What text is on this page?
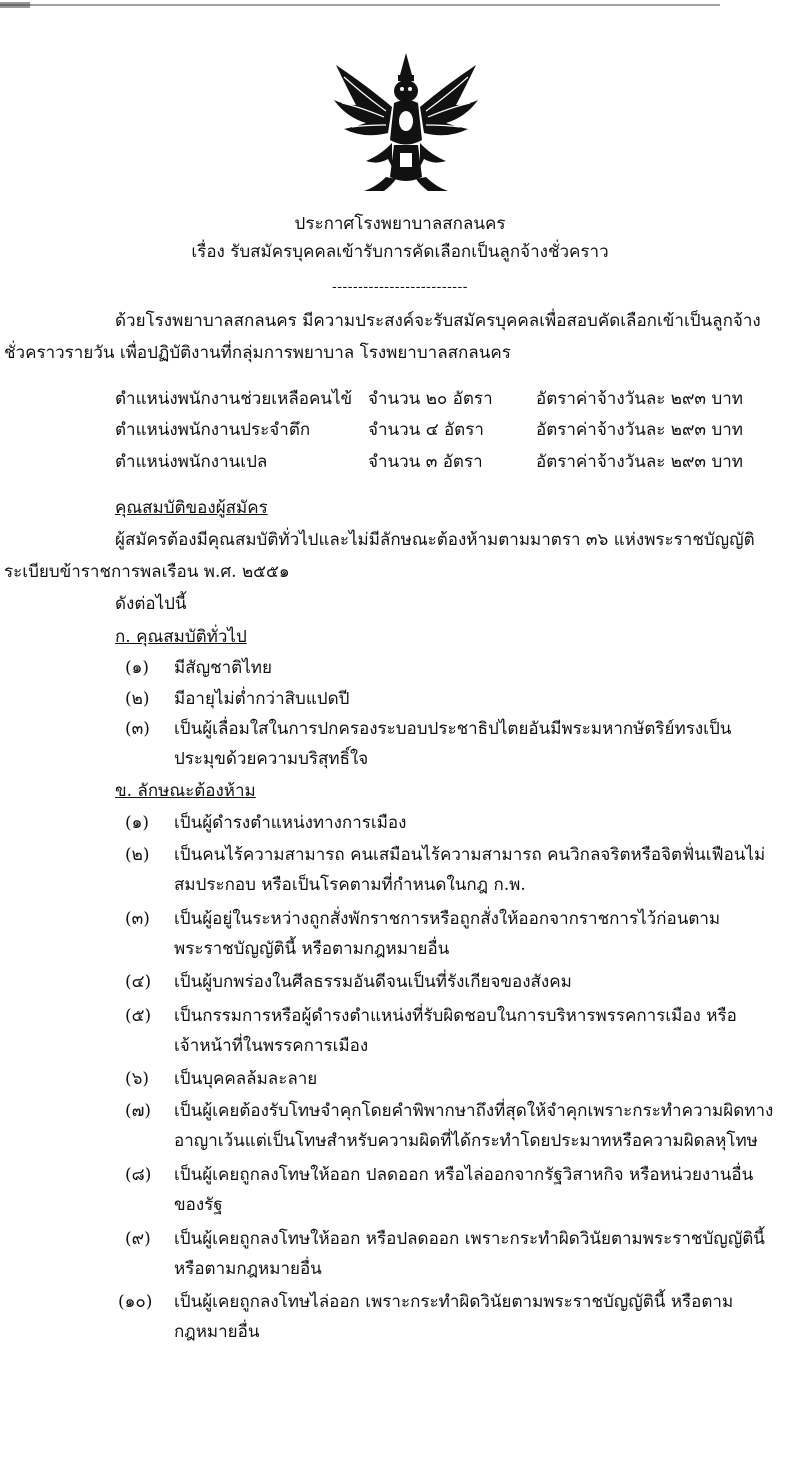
ประกาศโรงพยาบาลสกลนคร
เรื่อง รับสมัครบุคคลเข้ารับการคัดเลือกเป็นลูกจ้างชั่วคราว
--------------------------
ด้วยโรงพยาบาลสกลนคร มีความประสงค์จะรับสมัครบุคคลเพื่อสอบคัดเลือกเข้าเป็นลูกจ้าง
ชั่วคราวรายวัน เพื่อปฏิบัติงานที่กลุ่มการพยาบาล โรงพยาบาลสกลนคร
ตำแหน่งพนักงานช่วยเหลือคนไข้ จำนวน ๒๐ อัตรา	อัตราค่าจ้างวันละ ๒๙๓ บาท
ตำแหน่งพนักงานประจำตึก	จำนวน ๔ อัตรา	อัตราค่าจ้างวันละ ๒๙๓ บาท
ตำแหน่งพนักงานเปล	จำนวน ๓ อัตรา	อัตราค่าจ้างวันละ ๒๙๓ บาท
คุณสมบัติของผู้สมัคร
ผู้สมัครต้องมีคุณสมบัติทั่วไปและไม่มีลักษณะต้องห้ามตามมาตรา ๓๖ แห่งพระราชบัญญัติ
ระเบียบข้าราชการพลเรือน พ.ศ. ๒๕๕๑
ดังต่อไปนี้
ก. คุณสมบัติทั่วไป
(๑) มีสัญชาติไทย
(๒) มีอายุไม่ต่ำกว่าสิบแปดปี
(๓) เป็นผู้เลื่อมใสในการปกครองระบอบประชาธิปไตยอันมีพระมหากษัตริย์ทรงเป็น
ประมุขด้วยความบริสุทธิ์ใจ
ข. ลักษณะต้องห้าม
(๑) เป็นผู้ดำรงตำแหน่งทางการเมือง
(๒) เป็นคนไร้ความสามารถ คนเสมือนไร้ความสามารถ คนวิกลจริตหรือจิตฟั่นเฟือนไม่
สมประกอบ หรือเป็นโรคตามที่กำหนดในกฎ ก.พ.
(๓) เป็นผู้อยู่ในระหว่างถูกสั่งพักราชการหรือถูกสั่งให้ออกจากราชการไว้ก่อนตาม
พระราชบัญญัตินี้ หรือตามกฎหมายอื่น
(๔) เป็นผู้บกพร่องในศีลธรรมอันดีจนเป็นที่รังเกียจของสังคม
(๕) เป็นกรรมการหรือผู้ดำรงตำแหน่งที่รับผิดชอบในการบริหารพรรคการเมือง หรือ
เจ้าหน้าที่ในพรรคการเมือง
(๖) เป็นบุคคลล้มละลาย
(๗) เป็นผู้เคยต้องรับโทษจำคุกโดยคำพิพากษาถึงที่สุดให้จำคุกเพราะกระทำความผิดทาง
อาญาเว้นแต่เป็นโทษสำหรับความผิดที่ได้กระทำโดยประมาทหรือความผิดลหุโทษ
(๘) เป็นผู้เคยถูกลงโทษให้ออก ปลดออก หรือไล่ออกจากรัฐวิสาหกิจ หรือหน่วยงานอื่น
ของรัฐ
(๙) เป็นผู้เคยถูกลงโทษให้ออก หรือปลดออก เพราะกระทำผิดวินัยตามพระราชบัญญัตินี้
หรือตามกฎหมายอื่น
(๑๐) เป็นผู้เคยถูกลงโทษไล่ออก เพราะกระทำผิดวินัยตามพระราชบัญญัตินี้ หรือตาม
กฎหมายอื่น
